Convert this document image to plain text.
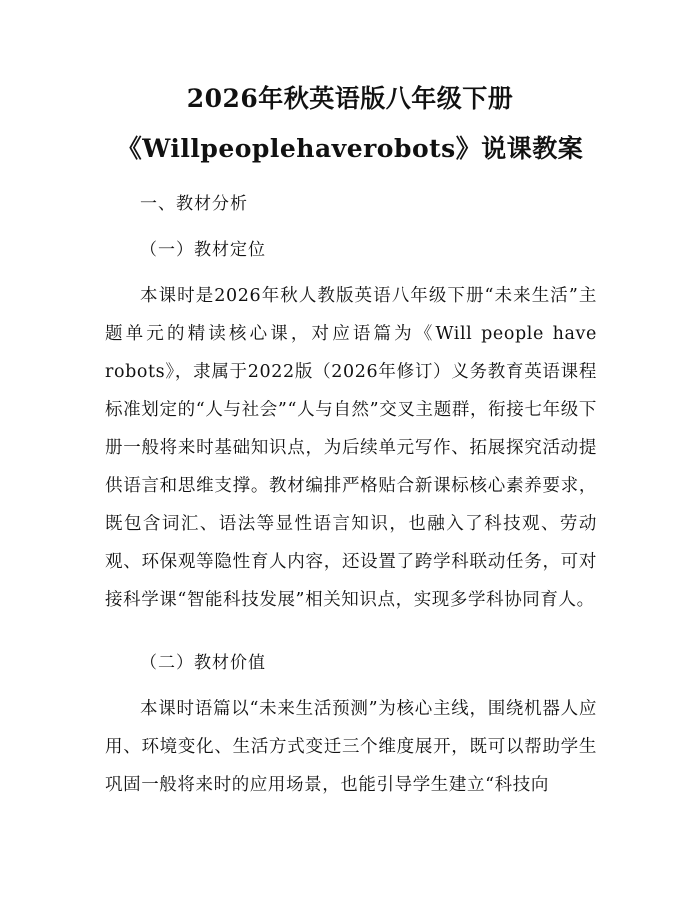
2026年秋英语版八年级下册
《Willpeoplehaverobots》说课教案
一、教材分析
（一）教材定位

本课时是2026年秋人教版英语八年级下册“未来生活”主题单元的精读核心课，对应语篇为《Will people have robots》，隶属于2022版（2026年修订）义务教育英语课程标准划定的“人与社会”“人与自然”交叉主题群，衔接七年级下册一般将来时基础知识点，为后续单元写作、拓展探究活动提供语言和思维支撑。教材编排严格贴合新课标核心素养要求，既包含词汇、语法等显性语言知识，也融入了科技观、劳动观、环保观等隐性育人内容，还设置了跨学科联动任务，可对接科学课“智能科技发展”相关知识点，实现多学科协同育人。

（二）教材价值

本课时语篇以“未来生活预测”为核心主线，围绕机器人应用、环境变化、生活方式变迁三个维度展开，既可以帮助学生巩固一般将来时的应用场景，也能引导学生建立“科技向
